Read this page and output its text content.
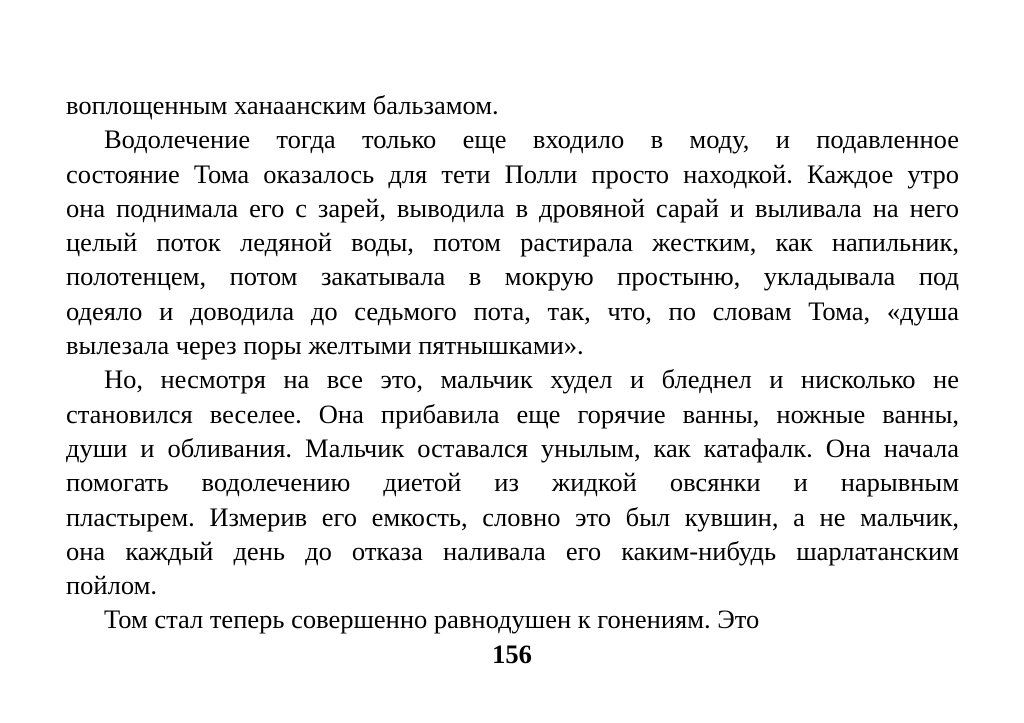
воплощенным ханаанским бальзамом.
Водолечение тогда только еще входило в моду, и подавленное
состояние Тома оказалось для тети Полли просто находкой. Каждое утро
она поднимала его с зарей, выводила в дровяной сарай и выливала на него
целый поток ледяной воды, потом растирала жестким, как напильник,
полотенцем, потом закатывала в мокрую простыню, укладывала под
одеяло и доводила до седьмого пота, так, что, по словам Тома, «душа
вылезала через поры желтыми пятнышками».
Но, несмотря на все это, мальчик худел и бледнел и нисколько не
становился веселее. Она прибавила еще горячие ванны, ножные ванны,
души и обливания. Мальчик оставался унылым, как катафалк. Она начала
помогать водолечению диетой из жидкой овсянки и нарывным
пластырем. Измерив его емкость, словно это был кувшин, а не мальчик,
она каждый день до отказа наливала его каким-нибудь шарлатанским
пойлом.
Том стал теперь совершенно равнодушен к гонениям. Это
156
